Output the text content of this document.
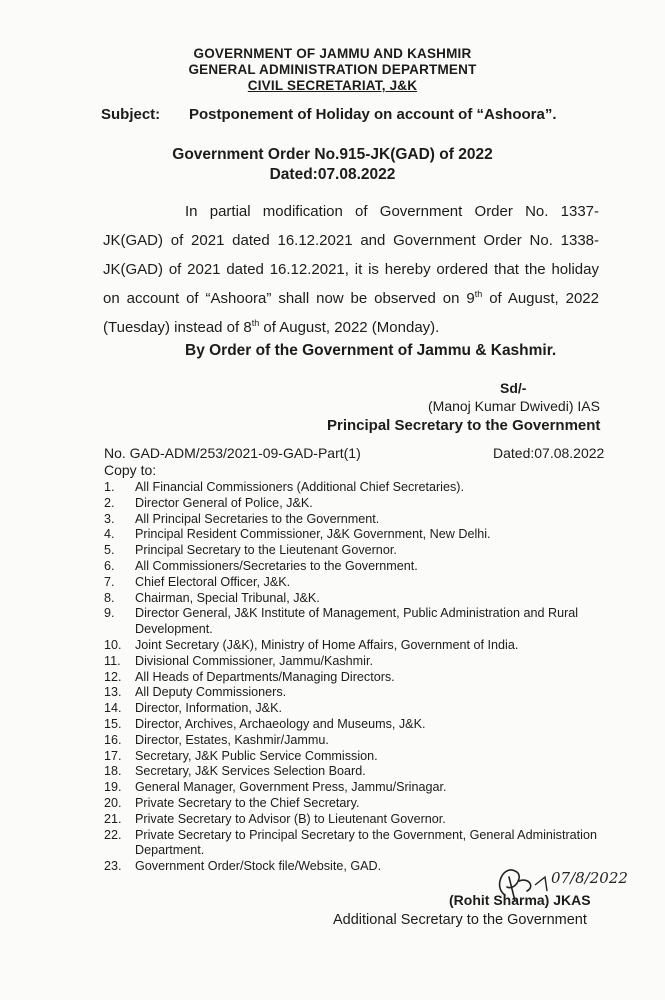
GOVERNMENT OF JAMMU AND KASHMIR
GENERAL ADMINISTRATION DEPARTMENT
CIVIL SECRETARIAT, J&K
Subject: Postponement of Holiday on account of “Ashoora”.
Government Order No.915-JK(GAD) of 2022
Dated:07.08.2022
In partial modification of Government Order No. 1337-JK(GAD) of 2021 dated 16.12.2021 and Government Order No. 1338-JK(GAD) of 2021 dated 16.12.2021, it is hereby ordered that the holiday on account of “Ashoora” shall now be observed on 9th of August, 2022 (Tuesday) instead of 8th of August, 2022 (Monday).
By Order of the Government of Jammu & Kashmir.
Sd/-
(Manoj Kumar Dwivedi) IAS
Principal Secretary to the Government
No. GAD-ADM/253/2021-09-GAD-Part(1)	Dated:07.08.2022
Copy to:
1.	All Financial Commissioners (Additional Chief Secretaries).
2.	Director General of Police, J&K.
3.	All Principal Secretaries to the Government.
4.	Principal Resident Commissioner, J&K Government, New Delhi.
5.	Principal Secretary to the Lieutenant Governor.
6.	All Commissioners/Secretaries to the Government.
7.	Chief Electoral Officer, J&K.
8.	Chairman, Special Tribunal, J&K.
9.	Director General, J&K Institute of Management, Public Administration and Rural Development.
10.	Joint Secretary (J&K), Ministry of Home Affairs, Government of India.
11.	Divisional Commissioner, Jammu/Kashmir.
12.	All Heads of Departments/Managing Directors.
13.	All Deputy Commissioners.
14.	Director, Information, J&K.
15.	Director, Archives, Archaeology and Museums, J&K.
16.	Director, Estates, Kashmir/Jammu.
17.	Secretary, J&K Public Service Commission.
18.	Secretary, J&K Services Selection Board.
19.	General Manager, Government Press, Jammu/Srinagar.
20.	Private Secretary to the Chief Secretary.
21.	Private Secretary to Advisor (B) to Lieutenant Governor.
22.	Private Secretary to Principal Secretary to the Government, General Administration Department.
23.	Government Order/Stock file/Website, GAD.
07/8/2022
(Rohit Sharma) JKAS
Additional Secretary to the Government
